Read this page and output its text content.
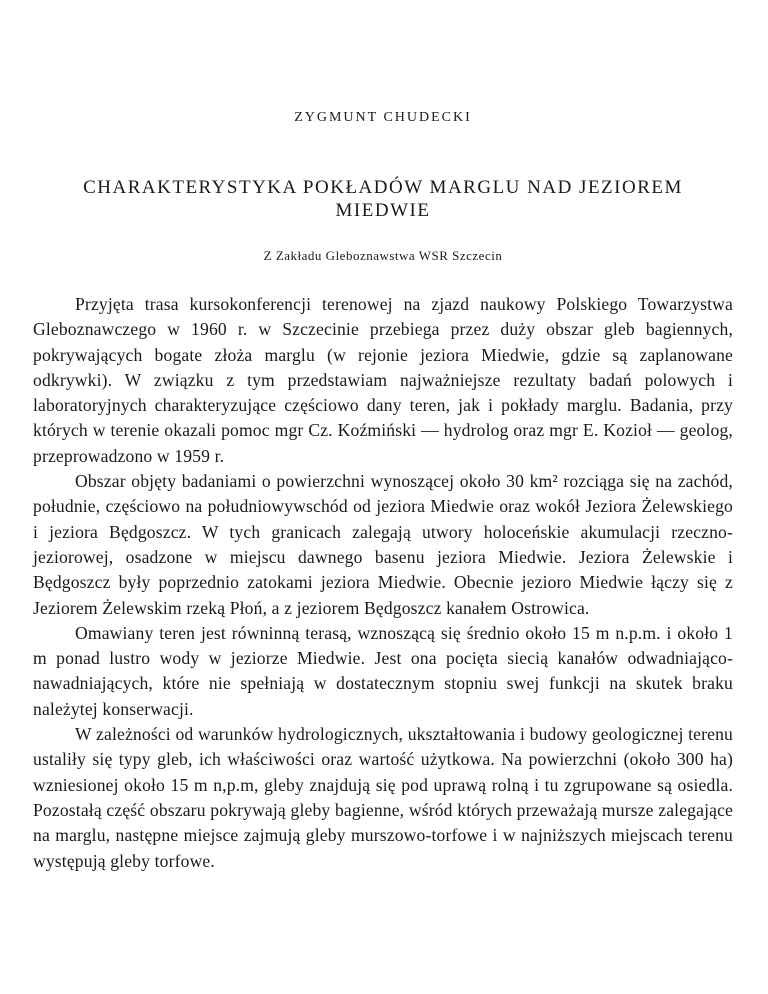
ZYGMUNT CHUDECKI
CHARAKTERYSTYKA POKŁADÓW MARGLU NAD JEZIOREM
MIEDWIE
Z Zakładu Gleboznawstwa WSR Szczecin

Przyjęta trasa kursokonferencji terenowej na zjazd naukowy Polskiego Towarzystwa Gleboznawczego w 1960 r. w Szczecinie przebiega przez duży obszar gleb bagiennych, pokrywających bogate złoża marglu (w rejonie jeziora Miedwie, gdzie są zaplanowane odkrywki). W związku z tym przedstawiam najważniejsze rezultaty badań polowych i laboratoryjnych charakteryzujące częściowo dany teren, jak i pokłady marglu. Badania, przy których w terenie okazali pomoc mgr Cz. Koźmiński — hydrolog oraz mgr E. Kozioł — geolog, przeprowadzono w 1959 r.

Obszar objęty badaniami o powierzchni wynoszącej około 30 km² rozciąga się na zachód, południe, częściowo na południowywschód od jeziora Miedwie oraz wokół Jeziora Żelewskiego i jeziora Będgoszcz. W tych granicach zalegają utwory holoceńskie akumulacji rzeczno-jeziorowej, osadzone w miejscu dawnego basenu jeziora Miedwie. Jeziora Żelewskie i Będgoszcz były poprzednio zatokami jeziora Miedwie. Obecnie jezioro Miedwie łączy się z Jeziorem Żelewskim rzeką Płoń, a z jeziorem Będgoszcz kanałem Ostrowica.

Omawiany teren jest równinną terasą, wznoszącą się średnio około 15 m n.p.m. i około 1 m ponad lustro wody w jeziorze Miedwie. Jest ona pocięta siecią kanałów odwadniająco-nawadniających, które nie spełniają w dostatecznym stopniu swej funkcji na skutek braku należytej konserwacji.

W zależności od warunków hydrologicznych, ukształtowania i budowy geologicznej terenu ustaliły się typy gleb, ich właściwości oraz wartość użytkowa. Na powierzchni (około 300 ha) wzniesionej około 15 m n,p.m, gleby znajdują się pod uprawą rolną i tu zgrupowane są osiedla. Pozostałą część obszaru pokrywają gleby bagienne, wśród których przeważają mursze zalegające na marglu, następne miejsce zajmują gleby murszowo-torfowe i w najniższych miejscach terenu występują gleby torfowe.
